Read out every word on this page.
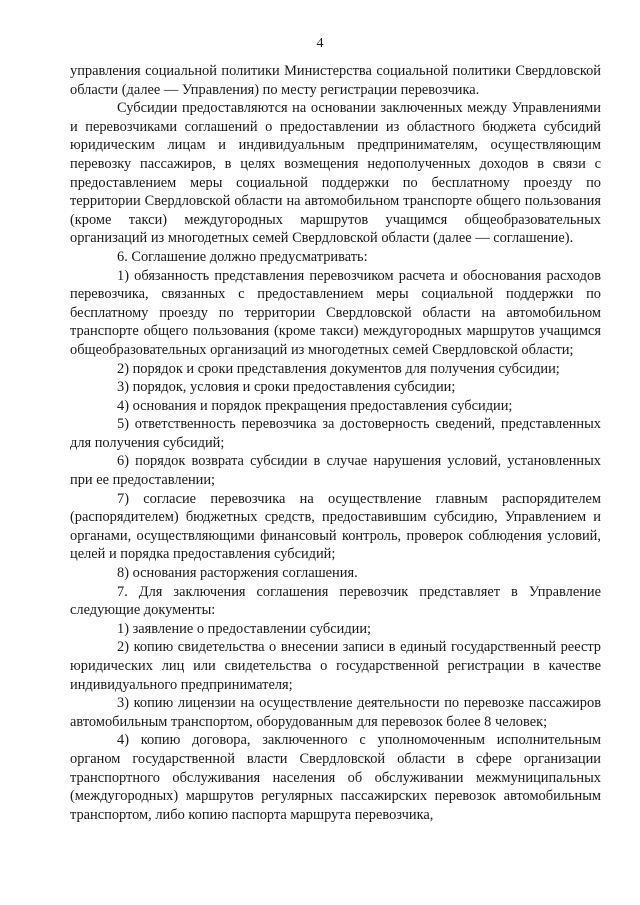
4

управления социальной политики Министерства социальной политики Свердловской области (далее — Управления) по месту регистрации перевозчика.

Субсидии предоставляются на основании заключенных между Управлениями и перевозчиками соглашений о предоставлении из областного бюджета субсидий юридическим лицам и индивидуальным предпринимателям, осуществляющим перевозку пассажиров, в целях возмещения недополученных доходов в связи с предоставлением меры социальной поддержки по бесплатному проезду по территории Свердловской области на автомобильном транспорте общего пользования (кроме такси) междугородных маршрутов учащимся общеобразовательных организаций из многодетных семей Свердловской области (далее — соглашение).

6. Соглашение должно предусматривать:

1) обязанность представления перевозчиком расчета и обоснования расходов перевозчика, связанных с предоставлением меры социальной поддержки по бесплатному проезду по территории Свердловской области на автомобильном транспорте общего пользования (кроме такси) междугородных маршрутов учащимся общеобразовательных организаций из многодетных семей Свердловской области;

2) порядок и сроки представления документов для получения субсидии;

3) порядок, условия и сроки предоставления субсидии;

4) основания и порядок прекращения предоставления субсидии;

5) ответственность перевозчика за достоверность сведений, представленных для получения субсидий;

6) порядок возврата субсидии в случае нарушения условий, установленных при ее предоставлении;

7) согласие перевозчика на осуществление главным распорядителем (распорядителем) бюджетных средств, предоставившим субсидию, Управлением и органами, осуществляющими финансовый контроль, проверок соблюдения условий, целей и порядка предоставления субсидий;

8) основания расторжения соглашения.

7. Для заключения соглашения перевозчик представляет в Управление следующие документы:

1) заявление о предоставлении субсидии;

2) копию свидетельства о внесении записи в единый государственный реестр юридических лиц или свидетельства о государственной регистрации в качестве индивидуального предпринимателя;

3) копию лицензии на осуществление деятельности по перевозке пассажиров автомобильным транспортом, оборудованным для перевозок более 8 человек;

4) копию договора, заключенного с уполномоченным исполнительным органом государственной власти Свердловской области в сфере организации транспортного обслуживания населения об обслуживании межмуниципальных (междугородных) маршрутов регулярных пассажирских перевозок автомобильным транспортом, либо копию паспорта маршрута перевозчика,
